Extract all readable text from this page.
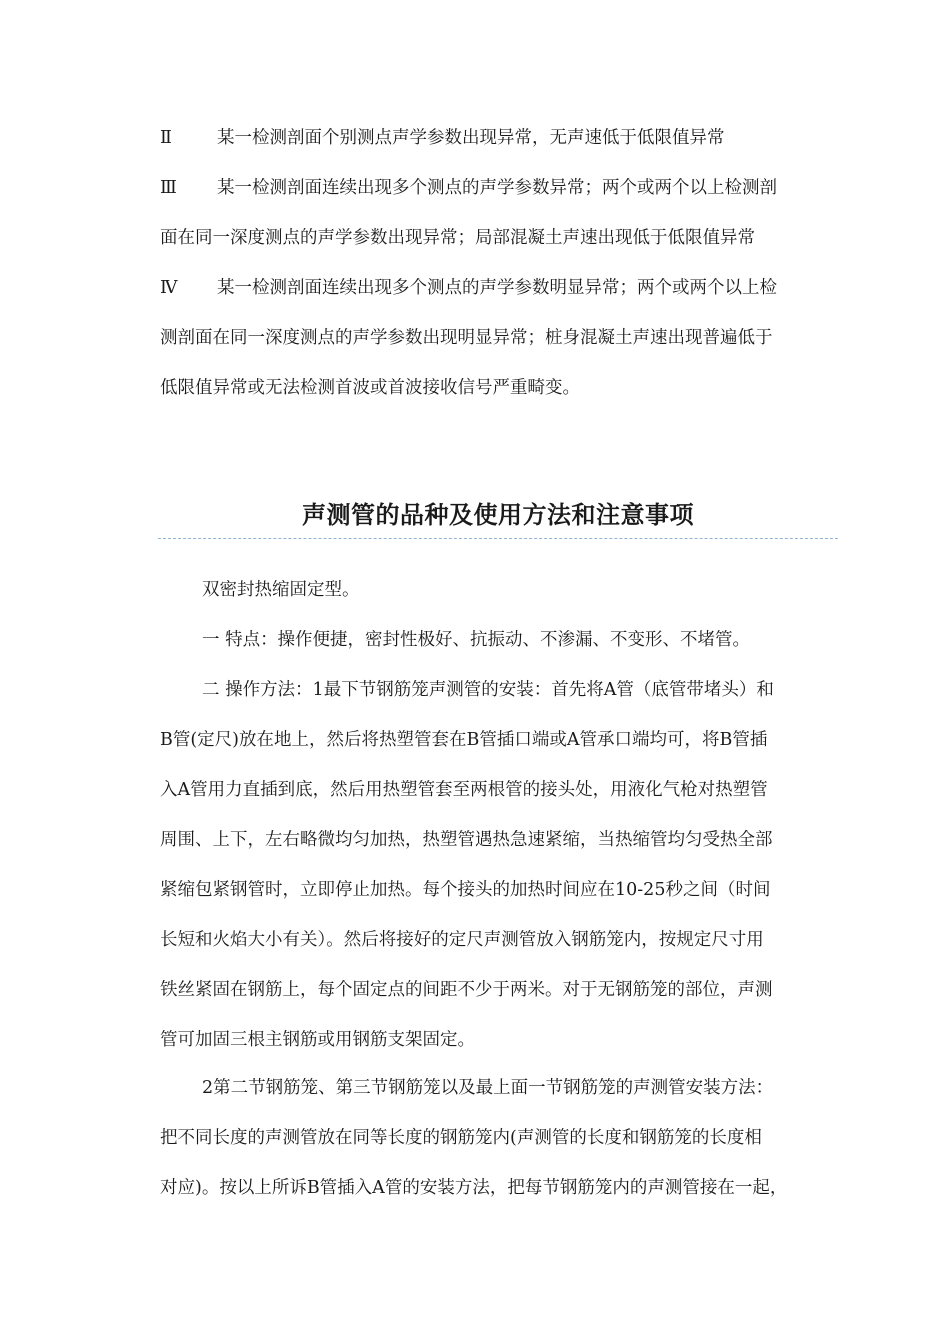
Ⅱ	某一检测剖面个别测点声学参数出现异常，无声速低于低限值异常
Ⅲ 某一检测剖面连续出现多个测点的声学参数异常；两个或两个以上检测剖
面在同一深度测点的声学参数出现异常；局部混凝土声速出现低于低限值异常
Ⅳ 某一检测剖面连续出现多个测点的声学参数明显异常；两个或两个以上检
测剖面在同一深度测点的声学参数出现明显异常；桩身混凝土声速出现普遍低于
低限值异常或无法检测首波或首波接收信号严重畸变。
声测管的品种及使用方法和注意事项
双密封热缩固定型。
一 特点：操作便捷，密封性极好、抗振动、不渗漏、不变形、不堵管。
二 操作方法：1最下节钢筋笼声测管的安装：首先将A管（底管带堵头）和
B管(定尺)放在地上，然后将热塑管套在B管插口端或A管承口端均可，将B管插
入A管用力直插到底，然后用热塑管套至两根管的接头处，用液化气枪对热塑管
周围、上下，左右略微均匀加热，热塑管遇热急速紧缩，当热缩管均匀受热全部
紧缩包紧钢管时，立即停止加热。每个接头的加热时间应在10-25秒之间（时间
长短和火焰大小有关）。然后将接好的定尺声测管放入钢筋笼内，按规定尺寸用
铁丝紧固在钢筋上，每个固定点的间距不少于两米。对于无钢筋笼的部位，声测
管可加固三根主钢筋或用钢筋支架固定。
2第二节钢筋笼、第三节钢筋笼以及最上面一节钢筋笼的声测管安装方法：
把不同长度的声测管放在同等长度的钢筋笼内(声测管的长度和钢筋笼的长度相
对应)。按以上所诉B管插入A管的安装方法，把每节钢筋笼内的声测管接在一起，
